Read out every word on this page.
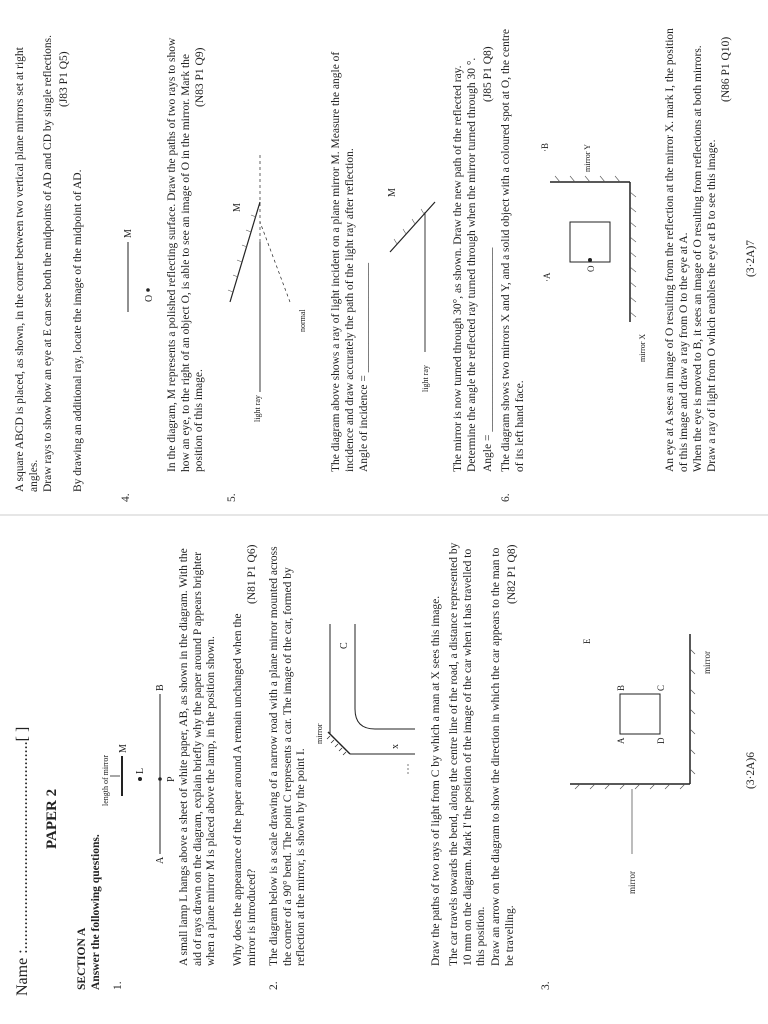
Name :....................................................[ ] PAPER 2

SECTION A Answer the following questions. 1.
A
B
P
L
M
length of mirror	A small lamp L hangs above a sheet of white paper, AB, as shown in the diagram. With the aid of rays drawn on the diagram, explain briefly why the paper around P appears brighter when a plane mirror M is placed above the lamp, in the position shown. Why does the appearance of the paper around A remain unchanged when the mirror is introduced?

(N81 P1 Q6)
2.

The diagram below is a scale drawing of a narrow road with a plane mirror mounted across the corner of a 90° bend. The point C represents a car. The image of the car, formed by reflection at the mirror, is shown by the point I.

mirror
C
x	Draw the paths of two rays of light from C by which a man at X sees this image. The car travels towards the bend, along the centre line of the road, a distance represented by 10 mm on the diagram. Mark I' the position of the image of the car when it has travelled to this position. Draw an arrow on the diagram to show the direction in which the car appears to the man to be travelling.

(N82 P1 Q8)
3.
A
B	C
D
E
mirror
mirror
(3·2A)6

A square ABCD is placed, as shown, in the corner between two vertical plane mirrors set at right angles. Draw rays to show how an eye at E can see both the midpoints of AD and CD by single reflections. By drawing an additional ray, locate the image of the midpoint of AD.

(J83 P1 Q5)
4.
M
O In the diagram, M represents a polished reflecting surface. Draw the paths of two rays to show how an eye, to the right of an object O, is able to see an image of O in the mirror. Mark the position of this image.

(N83 P1 Q9)
5.
M
normal
light ray	The diagram above shows a ray of light incident on a plane mirror M. Measure the angle of incidence and draw accurately the path of the light ray after reflection. Angle of incidence = ___________________

M
light ray The mirror is now turned through 30°, as shown. Draw the new path of the reflected ray. Determine the angle the reflected ray turned through when the mirror turned through 30 °. Angle = ________________________________

(J85 P1 Q8)
6.

The diagram shows two mirrors X and Y, and a solid object with a coloured spot at O, the centre of its left hand face.

mirror X
mirror Y
O
·A
·B	An eye at A sees an image of O resulting from the reflection at the mirror X. mark I, the position of this image and draw a ray from O to the eye at A. When the eye is moved to B, it sees an image of O resulting from reflections at both mirrors. Draw a ray of light from O which enables the eye at B to see this image.

(N86 P1 Q10)
(3·2A)7
